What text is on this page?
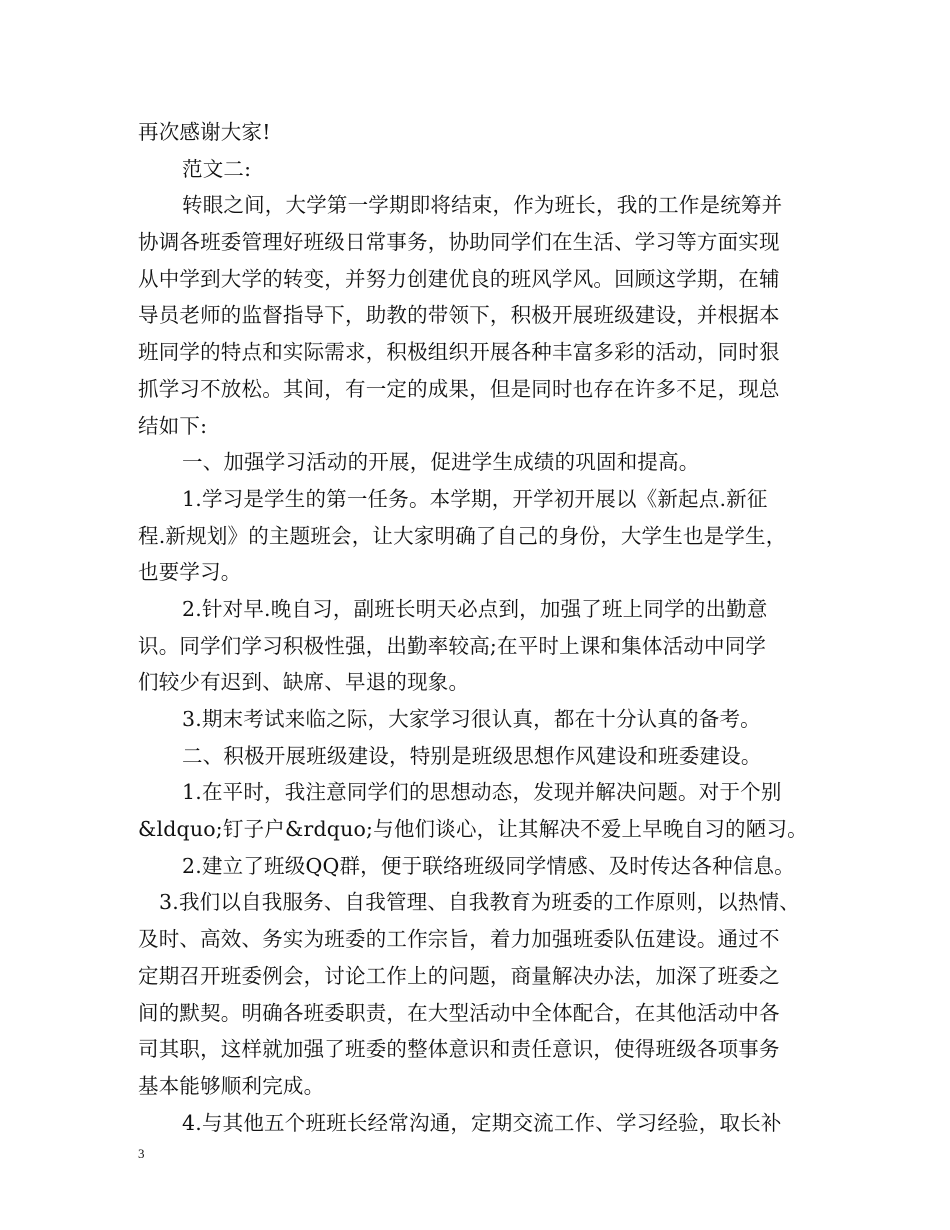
再次感谢大家!
范文二:
转眼之间，大学第一学期即将结束，作为班长，我的工作是统筹并
协调各班委管理好班级日常事务，协助同学们在生活、学习等方面实现
从中学到大学的转变，并努力创建优良的班风学风。回顾这学期，在辅
导员老师的监督指导下，助教的带领下，积极开展班级建设，并根据本
班同学的特点和实际需求，积极组织开展各种丰富多彩的活动，同时狠
抓学习不放松。其间，有一定的成果，但是同时也存在许多不足，现总
结如下:
一、加强学习活动的开展，促进学生成绩的巩固和提高。
1.学习是学生的第一任务。本学期，开学初开展以《新起点.新征
程.新规划》的主题班会，让大家明确了自己的身份，大学生也是学生，
也要学习。
2.针对早.晚自习，副班长明天必点到，加强了班上同学的出勤意
识。同学们学习积极性强，出勤率较高;在平时上课和集体活动中同学
们较少有迟到、缺席、早退的现象。
3.期末考试来临之际，大家学习很认真，都在十分认真的备考。
二、积极开展班级建设，特别是班级思想作风建设和班委建设。
1.在平时，我注意同学们的思想动态，发现并解决问题。对于个别
&ldquo;钉子户&rdquo;与他们谈心，让其解决不爱上早晚自习的陋习。
2.建立了班级QQ群，便于联络班级同学情感、及时传达各种信息。
3.我们以自我服务、自我管理、自我教育为班委的工作原则，以热情、
及时、高效、务实为班委的工作宗旨，着力加强班委队伍建设。通过不
定期召开班委例会，讨论工作上的问题，商量解决办法，加深了班委之
间的默契。明确各班委职责，在大型活动中全体配合，在其他活动中各
司其职，这样就加强了班委的整体意识和责任意识，使得班级各项事务
基本能够顺利完成。
4.与其他五个班班长经常沟通，定期交流工作、学习经验，取长补
3
